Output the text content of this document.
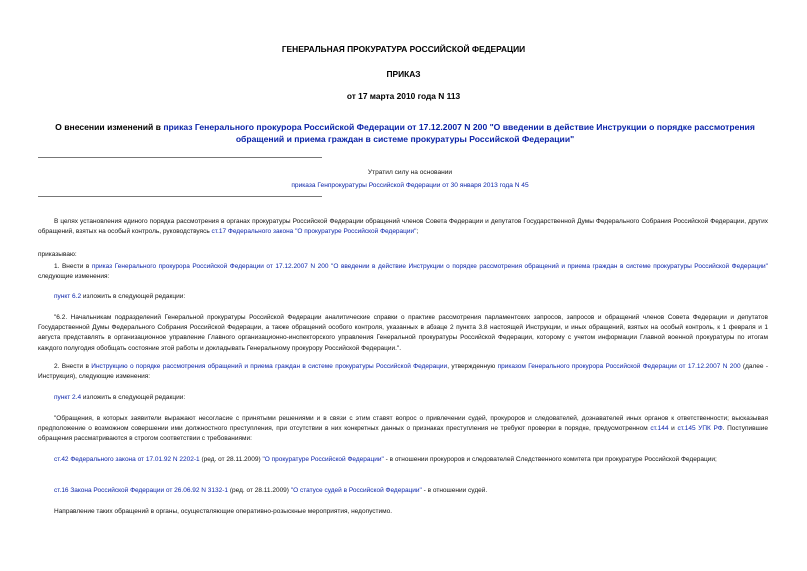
ГЕНЕРАЛЬНАЯ ПРОКУРАТУРА РОССИЙСКОЙ ФЕДЕРАЦИИ
ПРИКАЗ
от 17 марта 2010 года N 113
О внесении изменений в приказ Генерального прокурора Российской Федерации от 17.12.2007 N 200 "О введении в действие Инструкции о порядке рассмотрения обращений и приема граждан в системе прокуратуры Российской Федерации"
Утратил силу на основании
приказа Генпрокуратуры Российской Федерации от 30 января 2013 года N 45

В целях установления единого порядка рассмотрения в органах прокуратуры Российской Федерации обращений членов Совета Федерации и депутатов Государственной Думы Федерального Собрания Российской Федерации, других обращений, взятых на особый контроль, руководствуясь ст.17 Федерального закона "О прокуратуре Российской Федерации";

приказываю:

1. Внести в приказ Генерального прокурора Российской Федерации от 17.12.2007 N 200 "О введении в действие Инструкции о порядке рассмотрения обращений и приема граждан в системе прокуратуры Российской Федерации" следующие изменения:

пункт 6.2 изложить в следующей редакции:

"6.2. Начальникам подразделений Генеральной прокуратуры Российской Федерации аналитические справки о практике рассмотрения парламентских запросов, запросов и обращений членов Совета Федерации и депутатов Государственной Думы Федерального Собрания Российской Федерации, а также обращений особого контроля, указанных в абзаце 2 пункта 3.8 настоящей Инструкции, и иных обращений, взятых на особый контроль, к 1 февраля и 1 августа представлять в организационное управление Главного организационно-инспекторского управления Генеральной прокуратуры Российской Федерации, которому с учетом информации Главной военной прокуратуры по итогам каждого полугодия обобщать состояние этой работы и докладывать Генеральному прокурору Российской Федерации.".

2. Внести в Инструкцию о порядке рассмотрения обращений и приема граждан в системе прокуратуры Российской Федерации, утвержденную приказом Генерального прокурора Российской Федерации от 17.12.2007 N 200 (далее - Инструкция), следующие изменения:

пункт 2.4 изложить в следующей редакции:

"Обращения, в которых заявители выражают несогласие с принятыми решениями и в связи с этим ставят вопрос о привлечении судей, прокуроров и следователей, дознавателей иных органов к ответственности; высказывая предположение о возможном совершении ими должностного преступления, при отсутствии в них конкретных данных о признаках преступления не требуют проверки в порядке, предусмотренном ст.144 и ст.145 УПК РФ. Поступившие обращения рассматриваются в строгом соответствии с требованиями:

ст.42 Федерального закона от 17.01.92 N 2202-1 (ред. от 28.11.2009) "О прокуратуре Российской Федерации" - в отношении прокуроров и следователей Следственного комитета при прокуратуре Российской Федерации;

ст.16 Закона Российской Федерации от 26.06.92 N 3132-1 (ред. от 28.11.2009) "О статусе судей в Российской Федерации" - в отношении судей.

Направление таких обращений в органы, осуществляющие оперативно-розыскные мероприятия, недопустимо.
